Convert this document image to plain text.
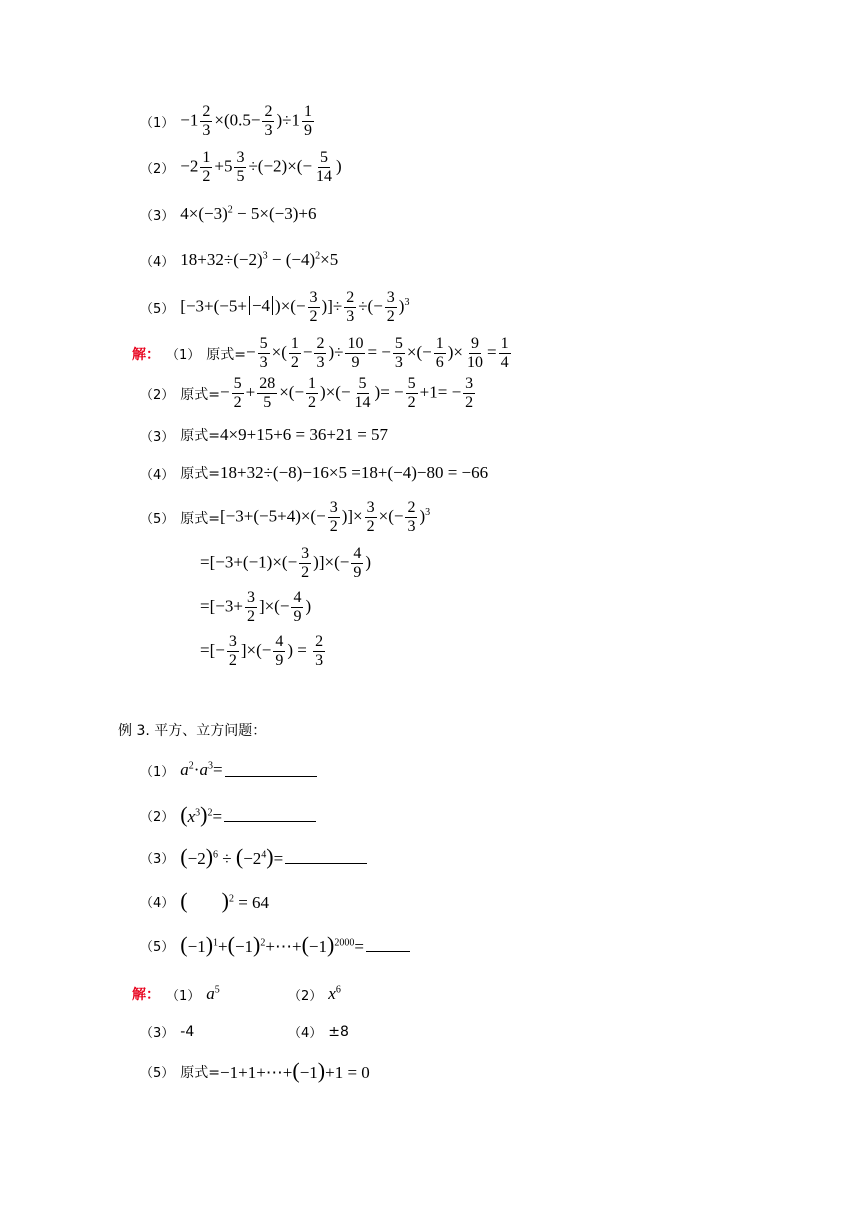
$(1) -1 \frac{2}{3} \times(0.5- \frac{2}{3} )\div 1 \frac{1}{9}$
$(2) -2 \frac{1}{2} +5 \frac{3}{5} \div(-2)\times(- \frac{5}{14}$ )
（3） $4\times(-3)^2 - 5\times(-3)+6$
（4） $18+32\div(-2)^3 - (-4)^2\times 5$
（5） [−3+(−5+ −4 )×(− $\frac{3}{2}$ )]÷ $\frac{2}{3}$ ÷(− $\frac{3}{2} )^3$
解： （1） 原式= − $\frac{5}{3}$ ×( $\frac{1}{2} - \frac{2}{3}$ )÷ $\frac{10}{9}$ = − $\frac{5}{3}$ ×(− $\frac{1}{6}$ )× $\frac{9}{10} = \frac{1}{4}$
（2） 原式= − $\frac{5}{2} + \frac{28}{5}$ ×(− $\frac{1}{2}$ )×(− $\frac{5}{14}$ )= − $\frac{5}{2} +1= - \frac{3}{2}$
（3） 原式= 4×9+15+6 = 36+21 = 57
（4） 原式= 18+32÷(−8)−16×5 =18+(−4)−80 = −66
（5） 原式= [$-3+(-5+4)\times(- \frac{3}{2}$ )]× $\frac{3}{2}$ ×(− $\frac{2}{3} )^3$
$=[-3+(-1)\times(- \frac{3}{2}$ )]×(− $\frac{4}{9}$ )
$=[-3+ \frac{3}{2}$ ]×(− $\frac{4}{9}$ )
=[− $\frac{3}{2}$ ]×(− $\frac{4}{9}$ ) = $\frac{2}{3}$
例 3. 平方、立方问题：
（1） $a^2\cdot a^3=$
（2） $(x^3)^2=$
（3） $(-2)^6 \div (-2^4)=$
（4） ( )$^2$ = 64
（5） $(-1)^1+(-1)^2+\cdots+(-1)^{2000}=$
解： （1） $a^5$	（2） $x^6$
（3） -4	（4） ±8
（5） 原式= −1+1+⋯+(−1)+1 = 0
